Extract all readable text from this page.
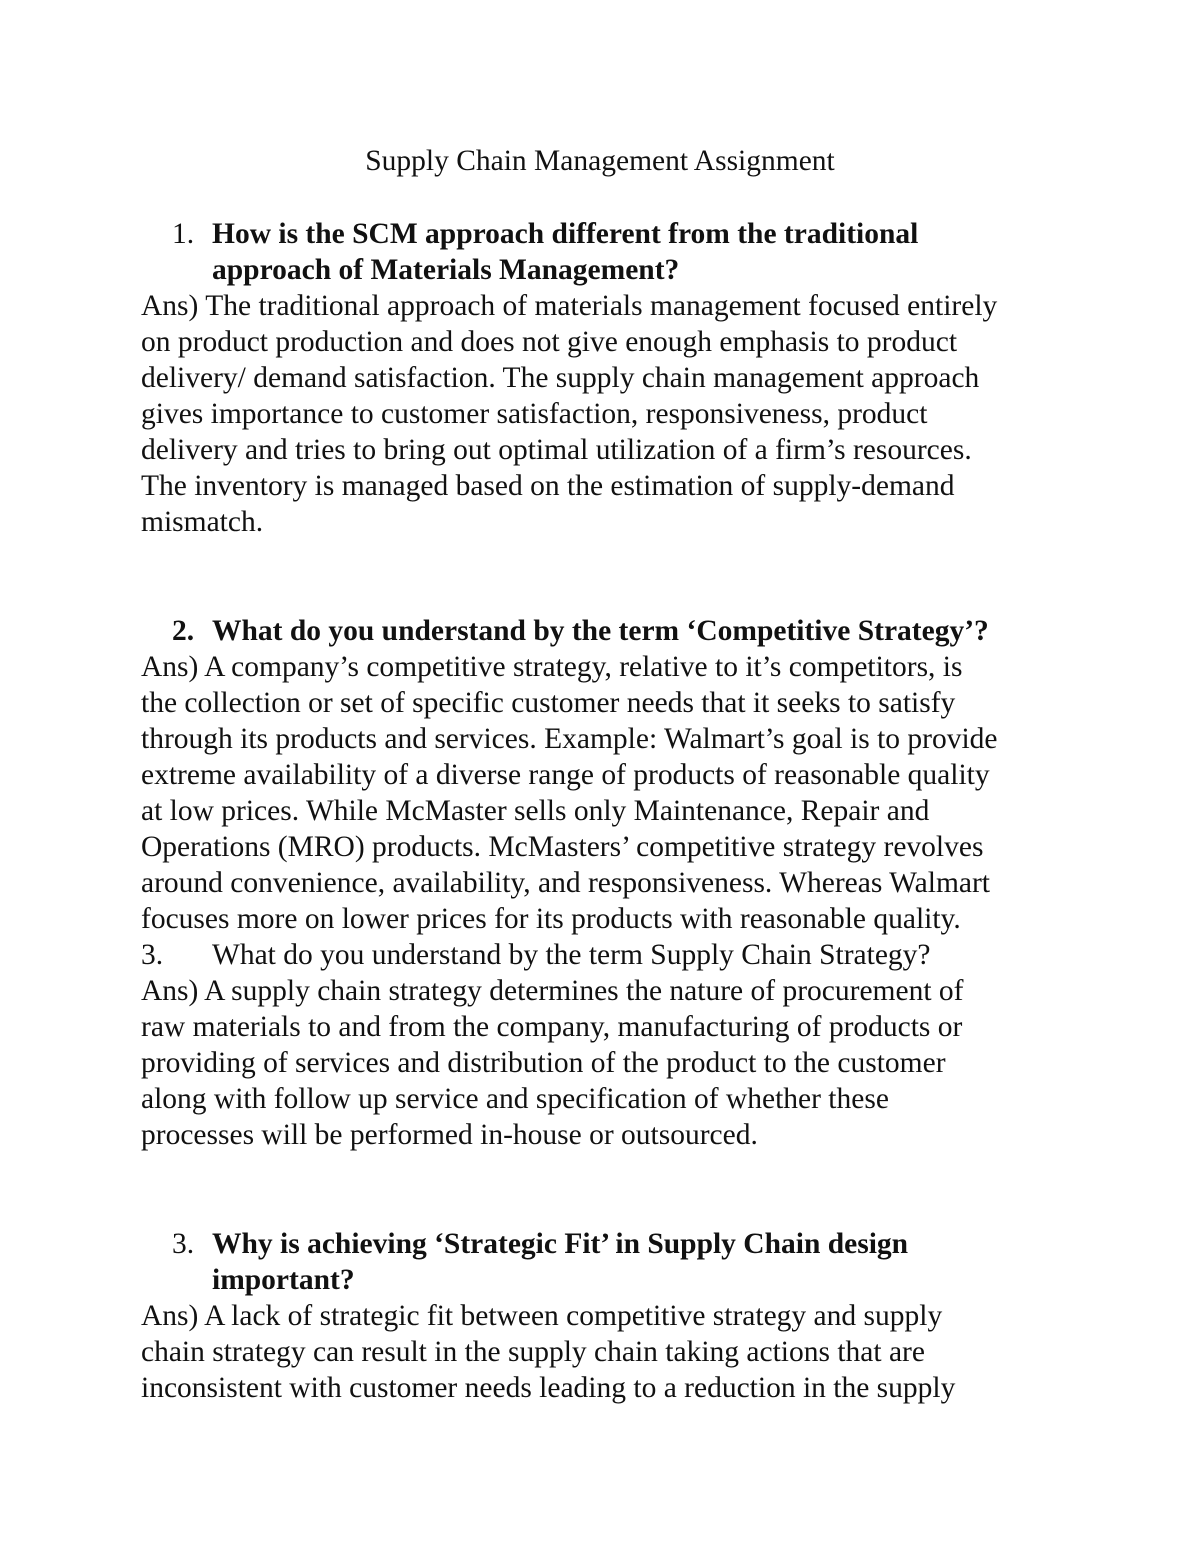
Supply Chain Management Assignment

1. How is the SCM approach different from the traditional

approach of Materials Management?

Ans) The traditional approach of materials management focused entirely

on product production and does not give enough emphasis to product

delivery/ demand satisfaction. The supply chain management approach

gives importance to customer satisfaction, responsiveness, product

delivery and tries to bring out optimal utilization of a firm’s resources.

The inventory is managed based on the estimation of supply-demand

mismatch.

2. What do you understand by the term ‘Competitive Strategy’?

Ans) A company’s competitive strategy, relative to it’s competitors, is

the collection or set of specific customer needs that it seeks to satisfy

through its products and services. Example: Walmart’s goal is to provide

extreme availability of a diverse range of products of reasonable quality

at low prices. While McMaster sells only Maintenance, Repair and

Operations (MRO) products. McMasters’ competitive strategy revolves

around convenience, availability, and responsiveness. Whereas Walmart

focuses more on lower prices for its products with reasonable quality.

3. What do you understand by the term Supply Chain Strategy?

Ans) A supply chain strategy determines the nature of procurement of

raw materials to and from the company, manufacturing of products or

providing of services and distribution of the product to the customer

along with follow up service and specification of whether these

processes will be performed in-house or outsourced.

3. Why is achieving ‘Strategic Fit’ in Supply Chain design

important?

Ans) A lack of strategic fit between competitive strategy and supply

chain strategy can result in the supply chain taking actions that are

inconsistent with customer needs leading to a reduction in the supply
